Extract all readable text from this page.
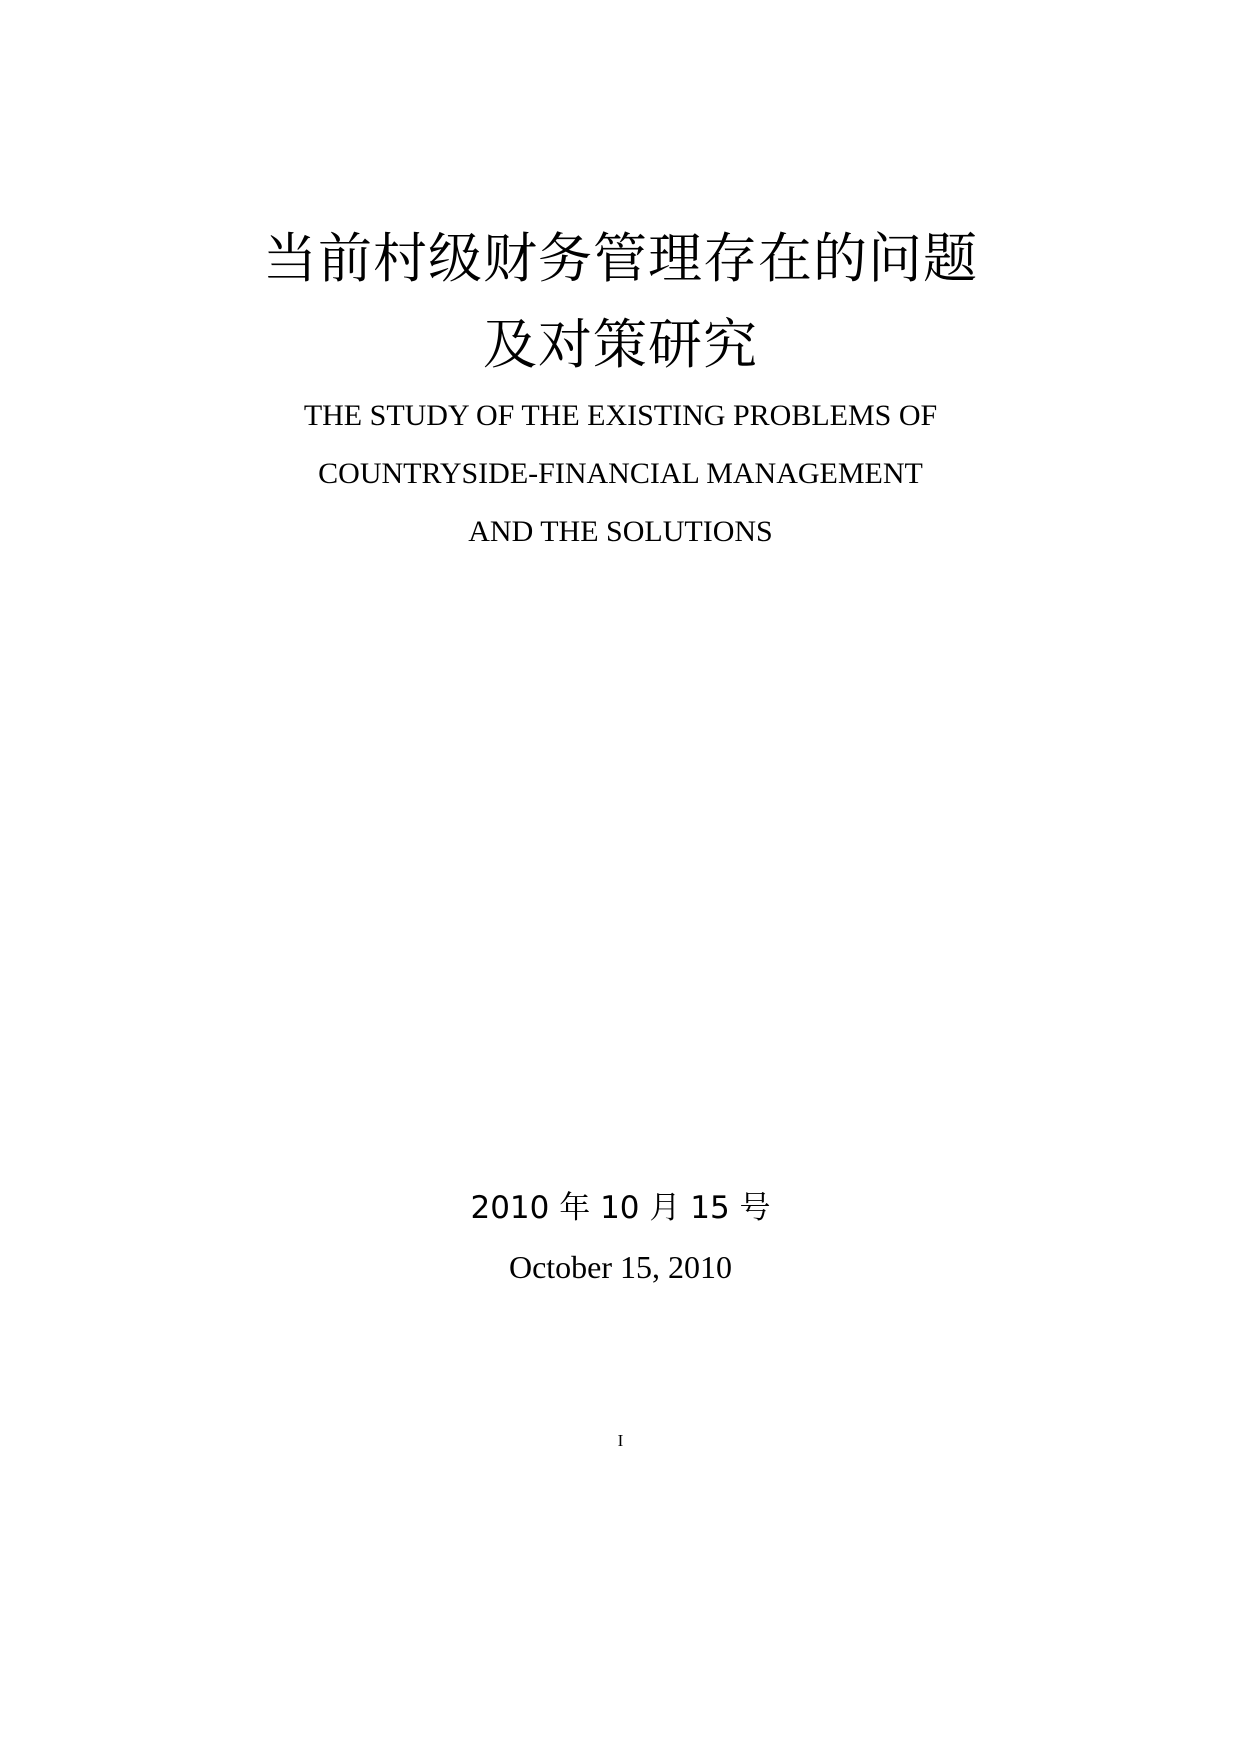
当前村级财务管理存在的问题
及对策研究
THE STUDY OF THE EXISTING PROBLEMS OF
COUNTRYSIDE-FINANCIAL MANAGEMENT
AND THE SOLUTIONS
2010 年 10 月 15 号
October 15, 2010
I
